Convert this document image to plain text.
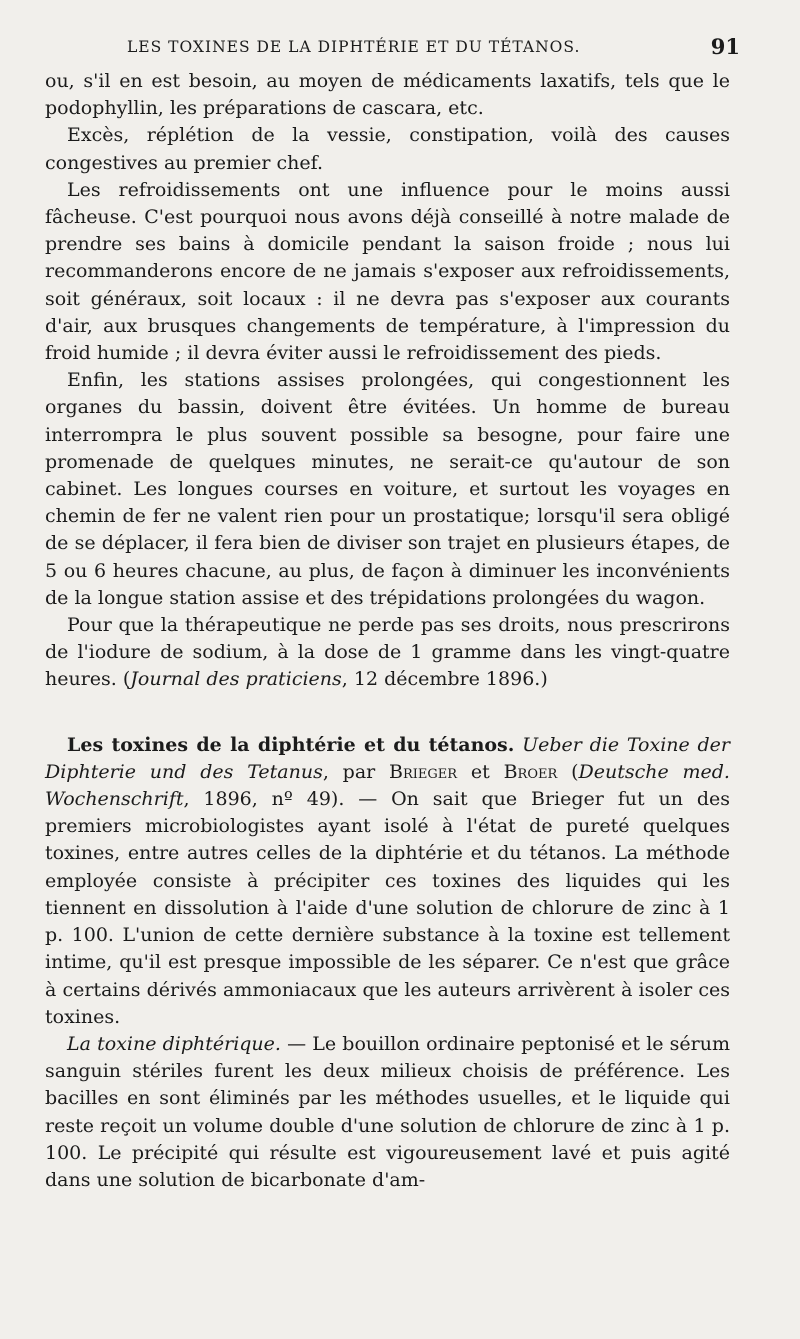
LES TOXINES DE LA DIPHTÉRIE ET DU TÉTANOS.	91

ou, s'il en est besoin, au moyen de médicaments laxatifs, tels que le podophyllin, les préparations de cascara, etc.

Excès, réplétion de la vessie, constipation, voilà des causes congestives au premier chef.

Les refroidissements ont une influence pour le moins aussi fâcheuse. C'est pourquoi nous avons déjà conseillé à notre malade de prendre ses bains à domicile pendant la saison froide ; nous lui recommanderons encore de ne jamais s'exposer aux refroidissements, soit généraux, soit locaux : il ne devra pas s'exposer aux courants d'air, aux brusques changements de température, à l'impression du froid humide ; il devra éviter aussi le refroidissement des pieds.

Enfin, les stations assises prolongées, qui congestionnent les organes du bassin, doivent être évitées. Un homme de bureau interrompra le plus souvent possible sa besogne, pour faire une promenade de quelques minutes, ne serait-ce qu'autour de son cabinet. Les longues courses en voiture, et surtout les voyages en chemin de fer ne valent rien pour un prostatique; lorsqu'il sera obligé de se déplacer, il fera bien de diviser son trajet en plusieurs étapes, de 5 ou 6 heures chacune, au plus, de façon à diminuer les inconvénients de la longue station assise et des trépidations prolongées du wagon.

Pour que la thérapeutique ne perde pas ses droits, nous prescrirons de l'iodure de sodium, à la dose de 1 gramme dans les vingt-quatre heures. (Journal des praticiens, 12 décembre 1896.)

Les toxines de la diphtérie et du tétanos. Ueber die Toxine der Diphterie und des Tetanus, par Brieger et Broer (Deutsche med. Wochenschrift, 1896, nº 49). — On sait que Brieger fut un des premiers microbiologistes ayant isolé à l'état de pureté quelques toxines, entre autres celles de la diphtérie et du tétanos. La méthode employée consiste à précipiter ces toxines des liquides qui les tiennent en dissolution à l'aide d'une solution de chlorure de zinc à 1 p. 100. L'union de cette dernière substance à la toxine est tellement intime, qu'il est presque impossible de les séparer. Ce n'est que grâce à certains dérivés ammoniacaux que les auteurs arrivèrent à isoler ces toxines.

La toxine diphtérique. — Le bouillon ordinaire peptonisé et le sérum sanguin stériles furent les deux milieux choisis de préférence. Les bacilles en sont éliminés par les méthodes usuelles, et le liquide qui reste reçoit un volume double d'une solution de chlorure de zinc à 1 p. 100. Le précipité qui résulte est vigoureusement lavé et puis agité dans une solution de bicarbonate d'am-
